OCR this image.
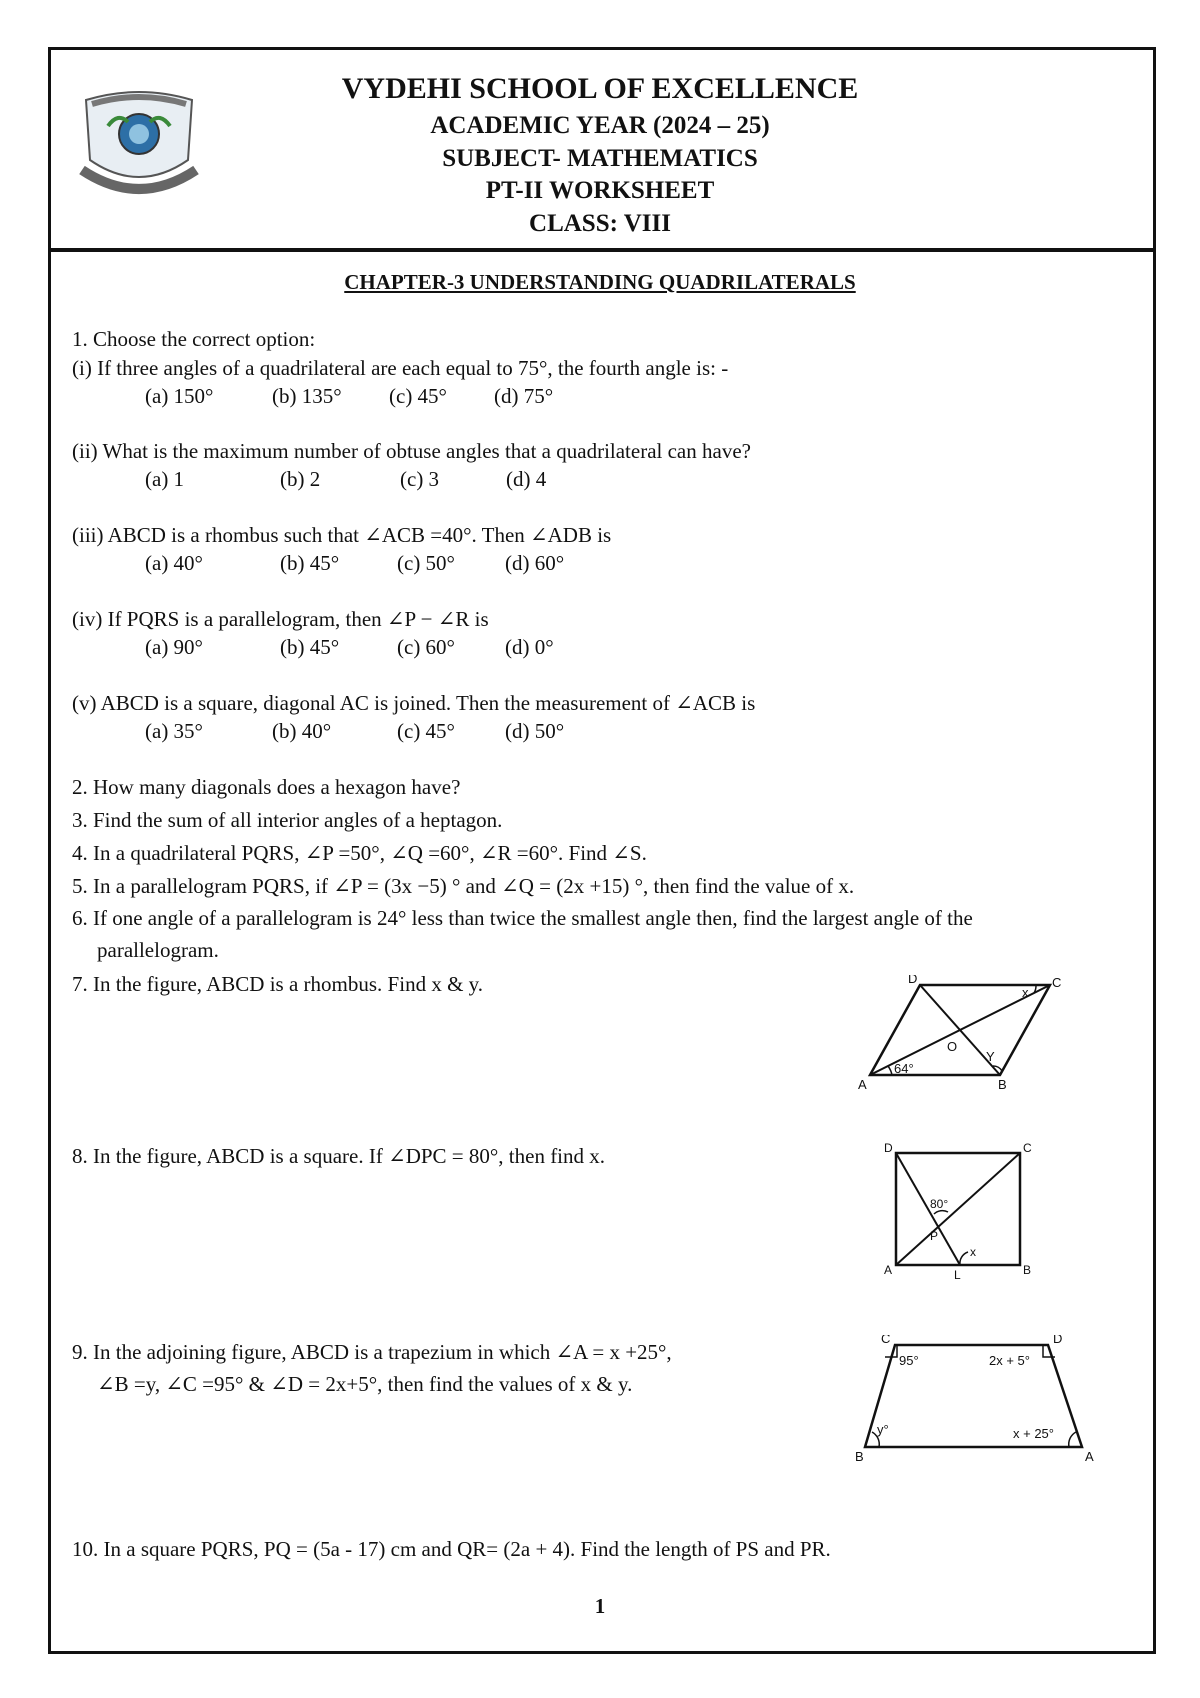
VYDEHI SCHOOL OF EXCELLENCE
ACADEMIC YEAR (2024 – 25)
SUBJECT- MATHEMATICS
PT-II WORKSHEET
CLASS: VIII
CHAPTER-3 UNDERSTANDING QUADRILATERALS
1. Choose the correct option:
(i) If three angles of a quadrilateral are each equal to 75°, the fourth angle is: -
(a) 150°	(b) 135° (c) 45° (d) 75°
(ii) What is the maximum number of obtuse angles that a quadrilateral can have?
(a) 1	(b) 2	(c) 3	(d) 4
(iii) ABCD is a rhombus such that ∠ACB =40°. Then ∠ADB is
(a) 40°	(b) 45°	(c) 50° (d) 60°
(iv) If PQRS is a parallelogram, then ∠P − ∠R is
(a) 90°	(b) 45°	(c) 60° (d) 0°
(v) ABCD is a square, diagonal AC is joined. Then the measurement of ∠ACB is
(a) 35°	(b) 40°	(c) 45° (d) 50°
2. How many diagonals does a hexagon have?
3. Find the sum of all interior angles of a heptagon.
4. In a quadrilateral PQRS, ∠P =50°, ∠Q =60°, ∠R =60°. Find ∠S.
5. In a parallelogram PQRS, if ∠P = (3x −5) ° and ∠Q = (2x +15) °, then find the value of x.
6. If one angle of a parallelogram is 24° less than twice the smallest angle then, find the largest angle of the
parallelogram.
7. In the figure, ABCD is a rhombus. Find x & y.
8. In the figure, ABCD is a square. If ∠DPC = 80°, then find x.
9. In the adjoining figure, ABCD is a trapezium in which ∠A = x +25°,
∠B =y, ∠C =95° & ∠D = 2x+5°, then find the values of x & y.
10. In a square PQRS, PQ = (5a - 17) cm and QR= (2a + 4). Find the length of PS and PR.
A	B
C
D
O
x
Y
64°
A	B
C
D
P
L
x
80°
B	A
C	D
95°	2x + 5°
x + 25°
y°
1
